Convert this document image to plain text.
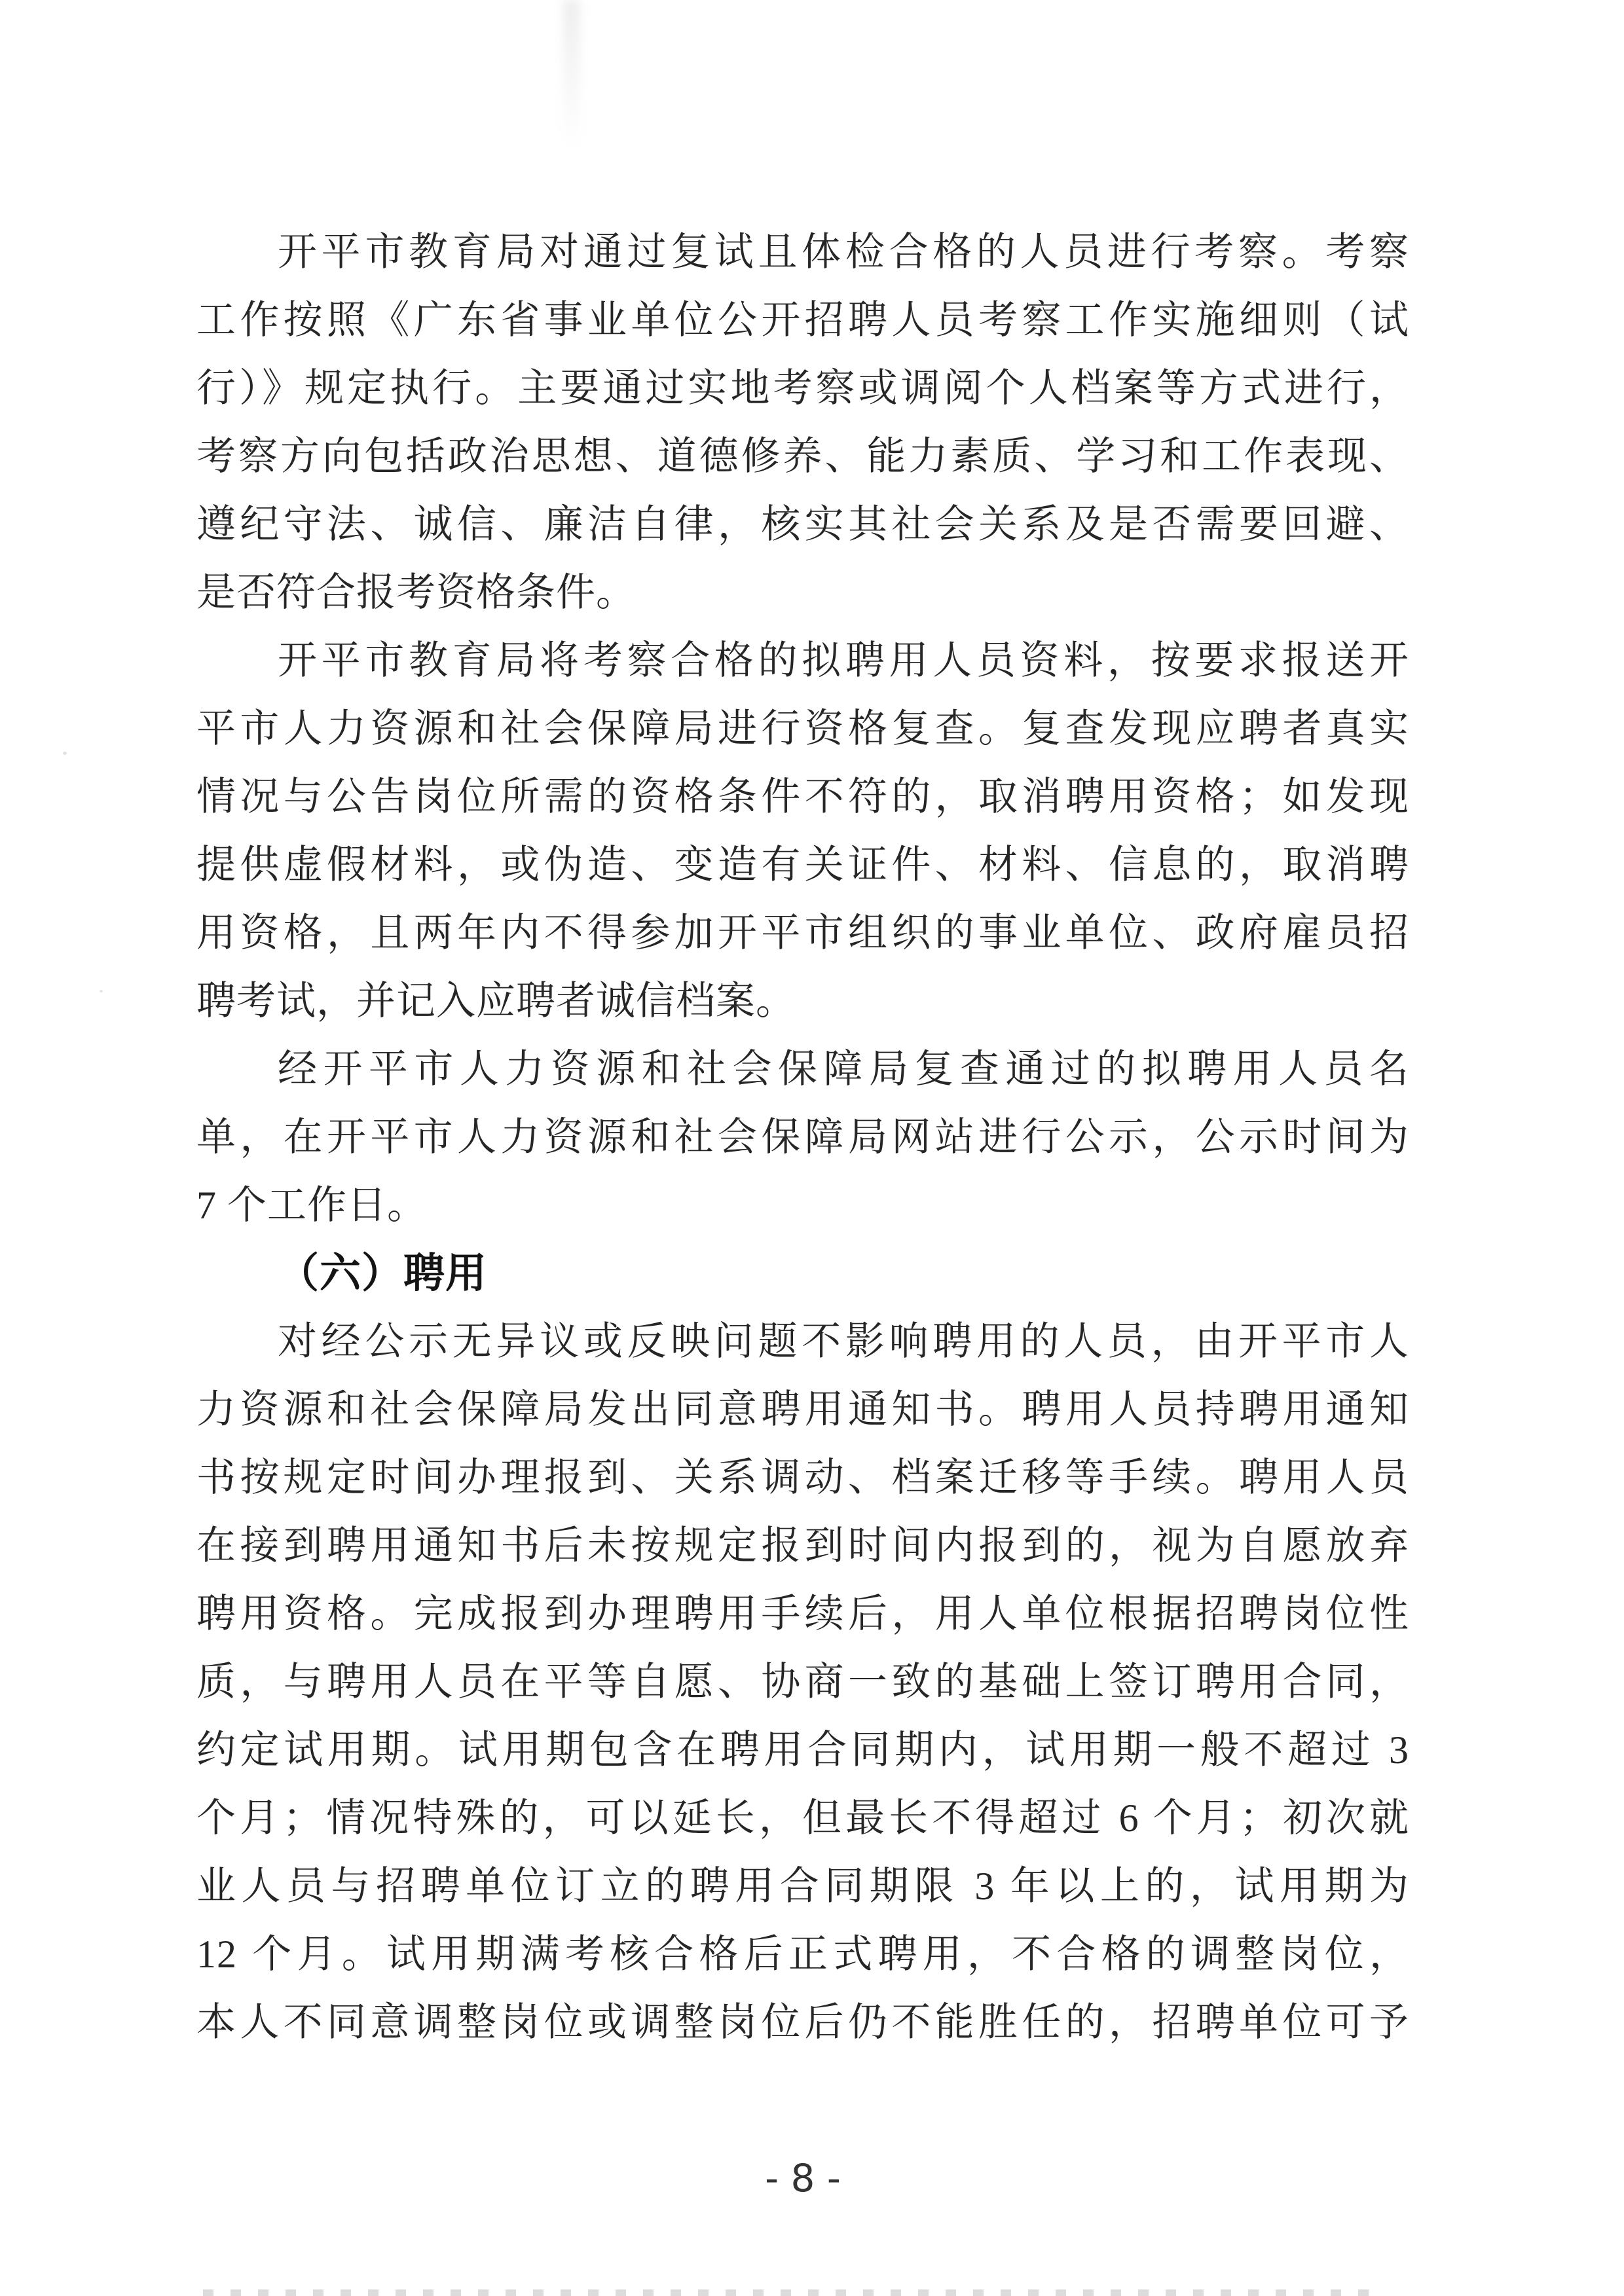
开平市教育局对通过复试且体检合格的人员进行考察。考察
工作按照《广东省事业单位公开招聘人员考察工作实施细则（试
行）》规定执行。主要通过实地考察或调阅个人档案等方式进行，
考察方向包括政治思想、道德修养、能力素质、学习和工作表现、
遵纪守法、诚信、廉洁自律，核实其社会关系及是否需要回避、
是否符合报考资格条件。
开平市教育局将考察合格的拟聘用人员资料，按要求报送开
平市人力资源和社会保障局进行资格复查。复查发现应聘者真实
情况与公告岗位所需的资格条件不符的，取消聘用资格；如发现
提供虚假材料，或伪造、变造有关证件、材料、信息的，取消聘
用资格，且两年内不得参加开平市组织的事业单位、政府雇员招
聘考试，并记入应聘者诚信档案。
经开平市人力资源和社会保障局复查通过的拟聘用人员名
单，在开平市人力资源和社会保障局网站进行公示，公示时间为
7 个工作日。
（六）聘用
对经公示无异议或反映问题不影响聘用的人员，由开平市人
力资源和社会保障局发出同意聘用通知书。聘用人员持聘用通知
书按规定时间办理报到、关系调动、档案迁移等手续。聘用人员
在接到聘用通知书后未按规定报到时间内报到的，视为自愿放弃
聘用资格。完成报到办理聘用手续后，用人单位根据招聘岗位性
质，与聘用人员在平等自愿、协商一致的基础上签订聘用合同，
约定试用期。试用期包含在聘用合同期内，试用期一般不超过 3
个月；情况特殊的，可以延长，但最长不得超过 6 个月；初次就
业人员与招聘单位订立的聘用合同期限 3 年以上的，试用期为
12 个月。试用期满考核合格后正式聘用，不合格的调整岗位，
本人不同意调整岗位或调整岗位后仍不能胜任的，招聘单位可予
- 8 -
